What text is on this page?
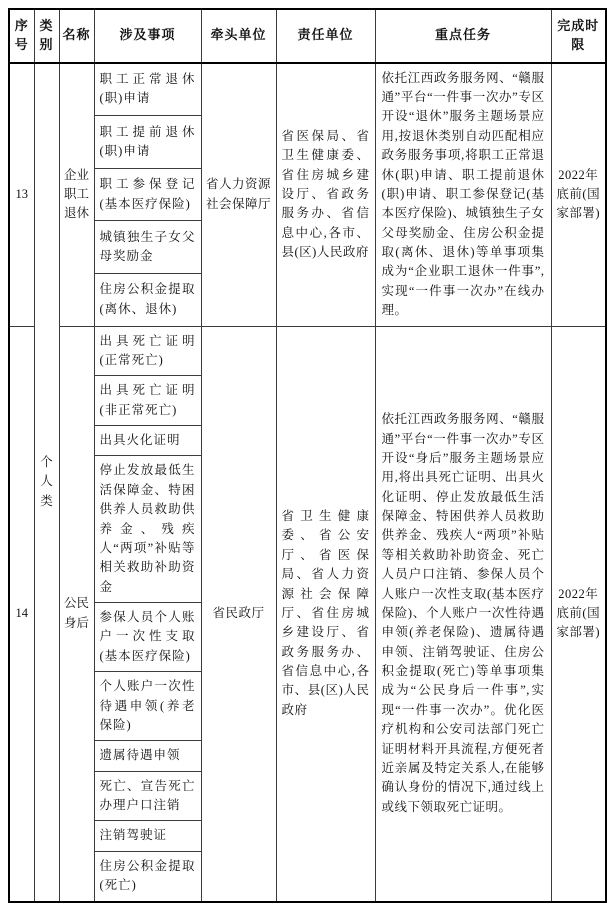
序号	类别	名称	涉及事项	牵头单位	责任单位	重点任务	完成时限
13	个人类	企业职工退休	职工正常退休(职)申请	省人力资源社会保障厅	省医保局、省卫生健康委、省住房城乡建设厅、省政务服务办、省信息中心,各市、县(区)人民政府	依托江西政务服务网、“赣服通”平台“一件事一次办”专区开设“退休”服务主题场景应用,按退休类别自动匹配相应政务服务事项,将职工正常退休(职)申请、职工提前退休(职)申请、职工参保登记(基本医疗保险)、城镇独生子女父母奖励金、住房公积金提取(离休、退休)等单事项集成为“企业职工退休一件事”,实现“一件事一次办”在线办理。	2022年底前(国家部署)
			职工提前退休(职)申请				
			职工参保登记(基本医疗保险)				
			城镇独生子女父母奖励金				
			住房公积金提取(离休、退休)				
14		公民身后	出具死亡证明(正常死亡)	省民政厅	省卫生健康委、省公安厅、省医保局、省人力资源社会保障厅、省住房城乡建设厅、省政务服务办、省信息中心,各市、县(区)人民政府	依托江西政务服务网、“赣服通”平台“一件事一次办”专区开设“身后”服务主题场景应用,将出具死亡证明、出具火化证明、停止发放最低生活保障金、特困供养人员救助供养金、残疾人“两项”补贴等相关救助补助资金、死亡人员户口注销、参保人员个人账户一次性支取(基本医疗保险)、个人账户一次性待遇申领(养老保险)、遗属待遇申领、注销驾驶证、住房公积金提取(死亡)等单事项集成为“公民身后一件事”,实现“一件事一次办”。优化医疗机构和公安司法部门死亡证明材料开具流程,方便死者近亲属及特定关系人,在能够确认身份的情况下,通过线上或线下领取死亡证明。	2022年底前(国家部署)
			出具死亡证明(非正常死亡)				
			出具火化证明				
			停止发放最低生活保障金、特困供养人员救助供养金、残疾人“两项”补贴等相关救助补助资金				
			参保人员个人账户一次性支取(基本医疗保险)				
			个人账户一次性待遇申领(养老保险)				
			遗属待遇申领				
			死亡、宣告死亡办理户口注销				
			注销驾驶证				
			住房公积金提取(死亡)				
